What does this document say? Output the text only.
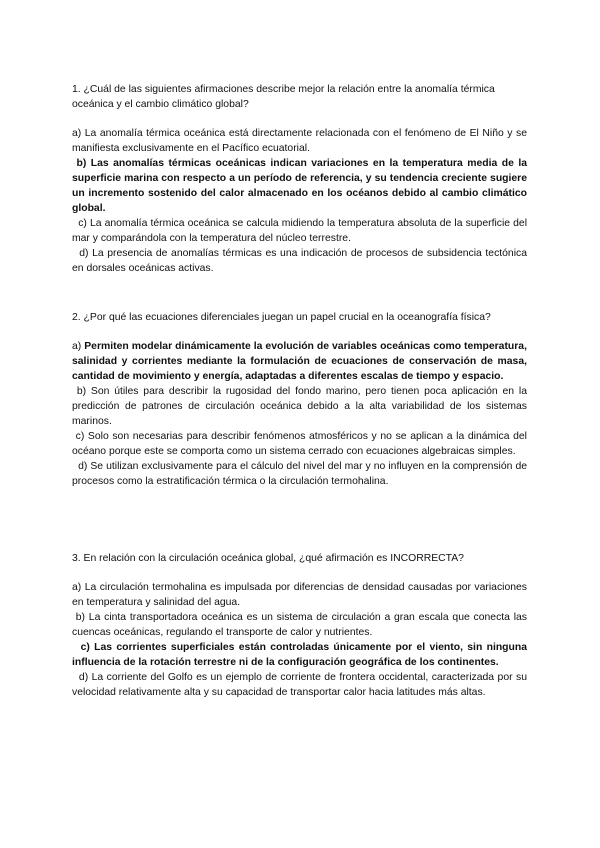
1. ¿Cuál de las siguientes afirmaciones describe mejor la relación entre la anomalía térmica oceánica y el cambio climático global?

a) La anomalía térmica oceánica está directamente relacionada con el fenómeno de El Niño y se manifiesta exclusivamente en el Pacífico ecuatorial.

b) Las anomalías térmicas oceánicas indican variaciones en la temperatura media de la superficie marina con respecto a un período de referencia, y su tendencia creciente sugiere un incremento sostenido del calor almacenado en los océanos debido al cambio climático global.

c) La anomalía térmica oceánica se calcula midiendo la temperatura absoluta de la superficie del mar y comparándola con la temperatura del núcleo terrestre.

d) La presencia de anomalías térmicas es una indicación de procesos de subsidencia tectónica en dorsales oceánicas activas.

2. ¿Por qué las ecuaciones diferenciales juegan un papel crucial en la oceanografía física?

a) Permiten modelar dinámicamente la evolución de variables oceánicas como temperatura, salinidad y corrientes mediante la formulación de ecuaciones de conservación de masa, cantidad de movimiento y energía, adaptadas a diferentes escalas de tiempo y espacio.

b) Son útiles para describir la rugosidad del fondo marino, pero tienen poca aplicación en la predicción de patrones de circulación oceánica debido a la alta variabilidad de los sistemas marinos.

c) Solo son necesarias para describir fenómenos atmosféricos y no se aplican a la dinámica del océano porque este se comporta como un sistema cerrado con ecuaciones algebraicas simples.

d) Se utilizan exclusivamente para el cálculo del nivel del mar y no influyen en la comprensión de procesos como la estratificación térmica o la circulación termohalina.

3. En relación con la circulación oceánica global, ¿qué afirmación es INCORRECTA?

a) La circulación termohalina es impulsada por diferencias de densidad causadas por variaciones en temperatura y salinidad del agua.

b) La cinta transportadora oceánica es un sistema de circulación a gran escala que conecta las cuencas oceánicas, regulando el transporte de calor y nutrientes.

c) Las corrientes superficiales están controladas únicamente por el viento, sin ninguna influencia de la rotación terrestre ni de la configuración geográfica de los continentes.

d) La corriente del Golfo es un ejemplo de corriente de frontera occidental, caracterizada por su velocidad relativamente alta y su capacidad de transportar calor hacia latitudes más altas.
